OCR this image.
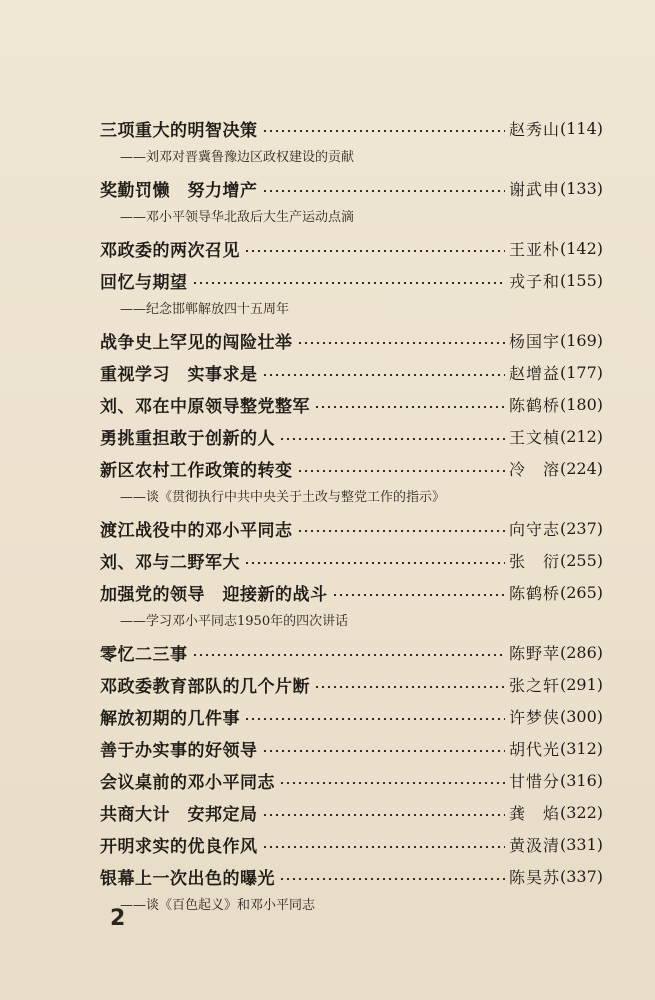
三项重大的明智决策	赵秀山 (114)
——刘邓对晋冀鲁豫边区政权建设的贡献
奖勤罚懒　努力增产	谢武申 (133)
——邓小平领导华北敌后大生产运动点滴
邓政委的两次召见	王亚朴 (142)
回忆与期望	戎子和 (155)
——纪念邯郸解放四十五周年
战争史上罕见的闯险壮举	杨国宇 (169)
重视学习　实事求是	赵增益 (177)
刘、邓在中原领导整党整军	陈鹤桥 (180)
勇挑重担敢于创新的人	王文楨 (212)
新区农村工作政策的转变	冷　溶 (224)
——谈《贯彻执行中共中央关于土改与整党工作的指示》
渡江战役中的邓小平同志	向守志 (237)
刘、邓与二野军大	张　衍 (255)
加强党的领导　迎接新的战斗	陈鹤桥 (265)
——学习邓小平同志1950年的四次讲话
零忆二三事	陈野苹 (286)
邓政委教育部队的几个片断	张之轩 (291)
解放初期的几件事	许梦侠 (300)
善于办实事的好领导	胡代光 (312)
会议桌前的邓小平同志	甘惜分 (316)
共商大计　安邦定局	龚　焰 (322)
开明求实的优良作风	黄汲清 (331)
银幕上一次出色的曝光	陈昊苏 (337)
——谈《百色起义》和邓小平同志
2
